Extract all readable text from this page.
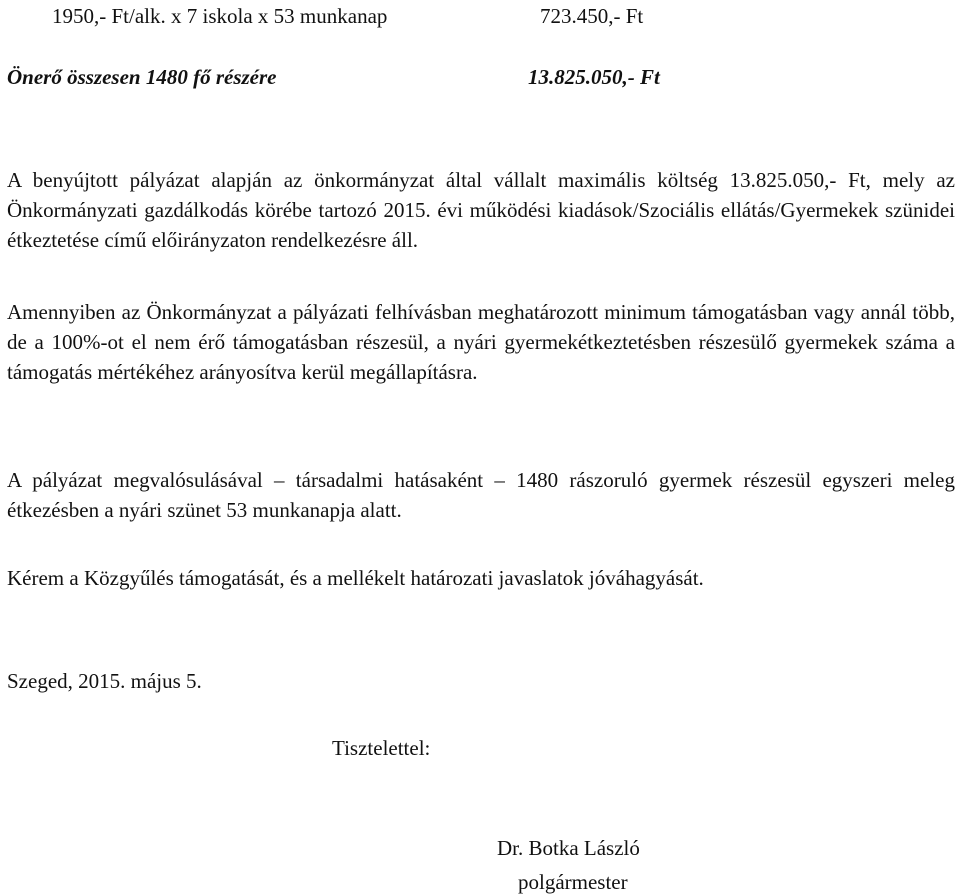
1950,- Ft/alk. x 7 iskola x 53 munkanap	723.450,- Ft
Önerő összesen 1480 fő részére	13.825.050,- Ft

A benyújtott pályázat alapján az önkormányzat által vállalt maximális költség 13.825.050,- Ft, mely az Önkormányzati gazdálkodás körébe tartozó 2015. évi működési kiadások/Szociális ellátás/Gyermekek szünidei étkeztetése című előirányzaton rendelkezésre áll.

Amennyiben az Önkormányzat a pályázati felhívásban meghatározott minimum támogatásban vagy annál több, de a 100%-ot el nem érő támogatásban részesül, a nyári gyermekétkeztetésben részesülő gyermekek száma a támogatás mértékéhez arányosítva kerül megállapításra.

A pályázat megvalósulásával – társadalmi hatásaként – 1480 rászoruló gyermek részesül egyszeri meleg étkezésben a nyári szünet 53 munkanapja alatt.

Kérem a Közgyűlés támogatását, és a mellékelt határozati javaslatok jóváhagyását.

Szeged, 2015. május 5.
Tisztelettel:
Dr. Botka László
polgármester
